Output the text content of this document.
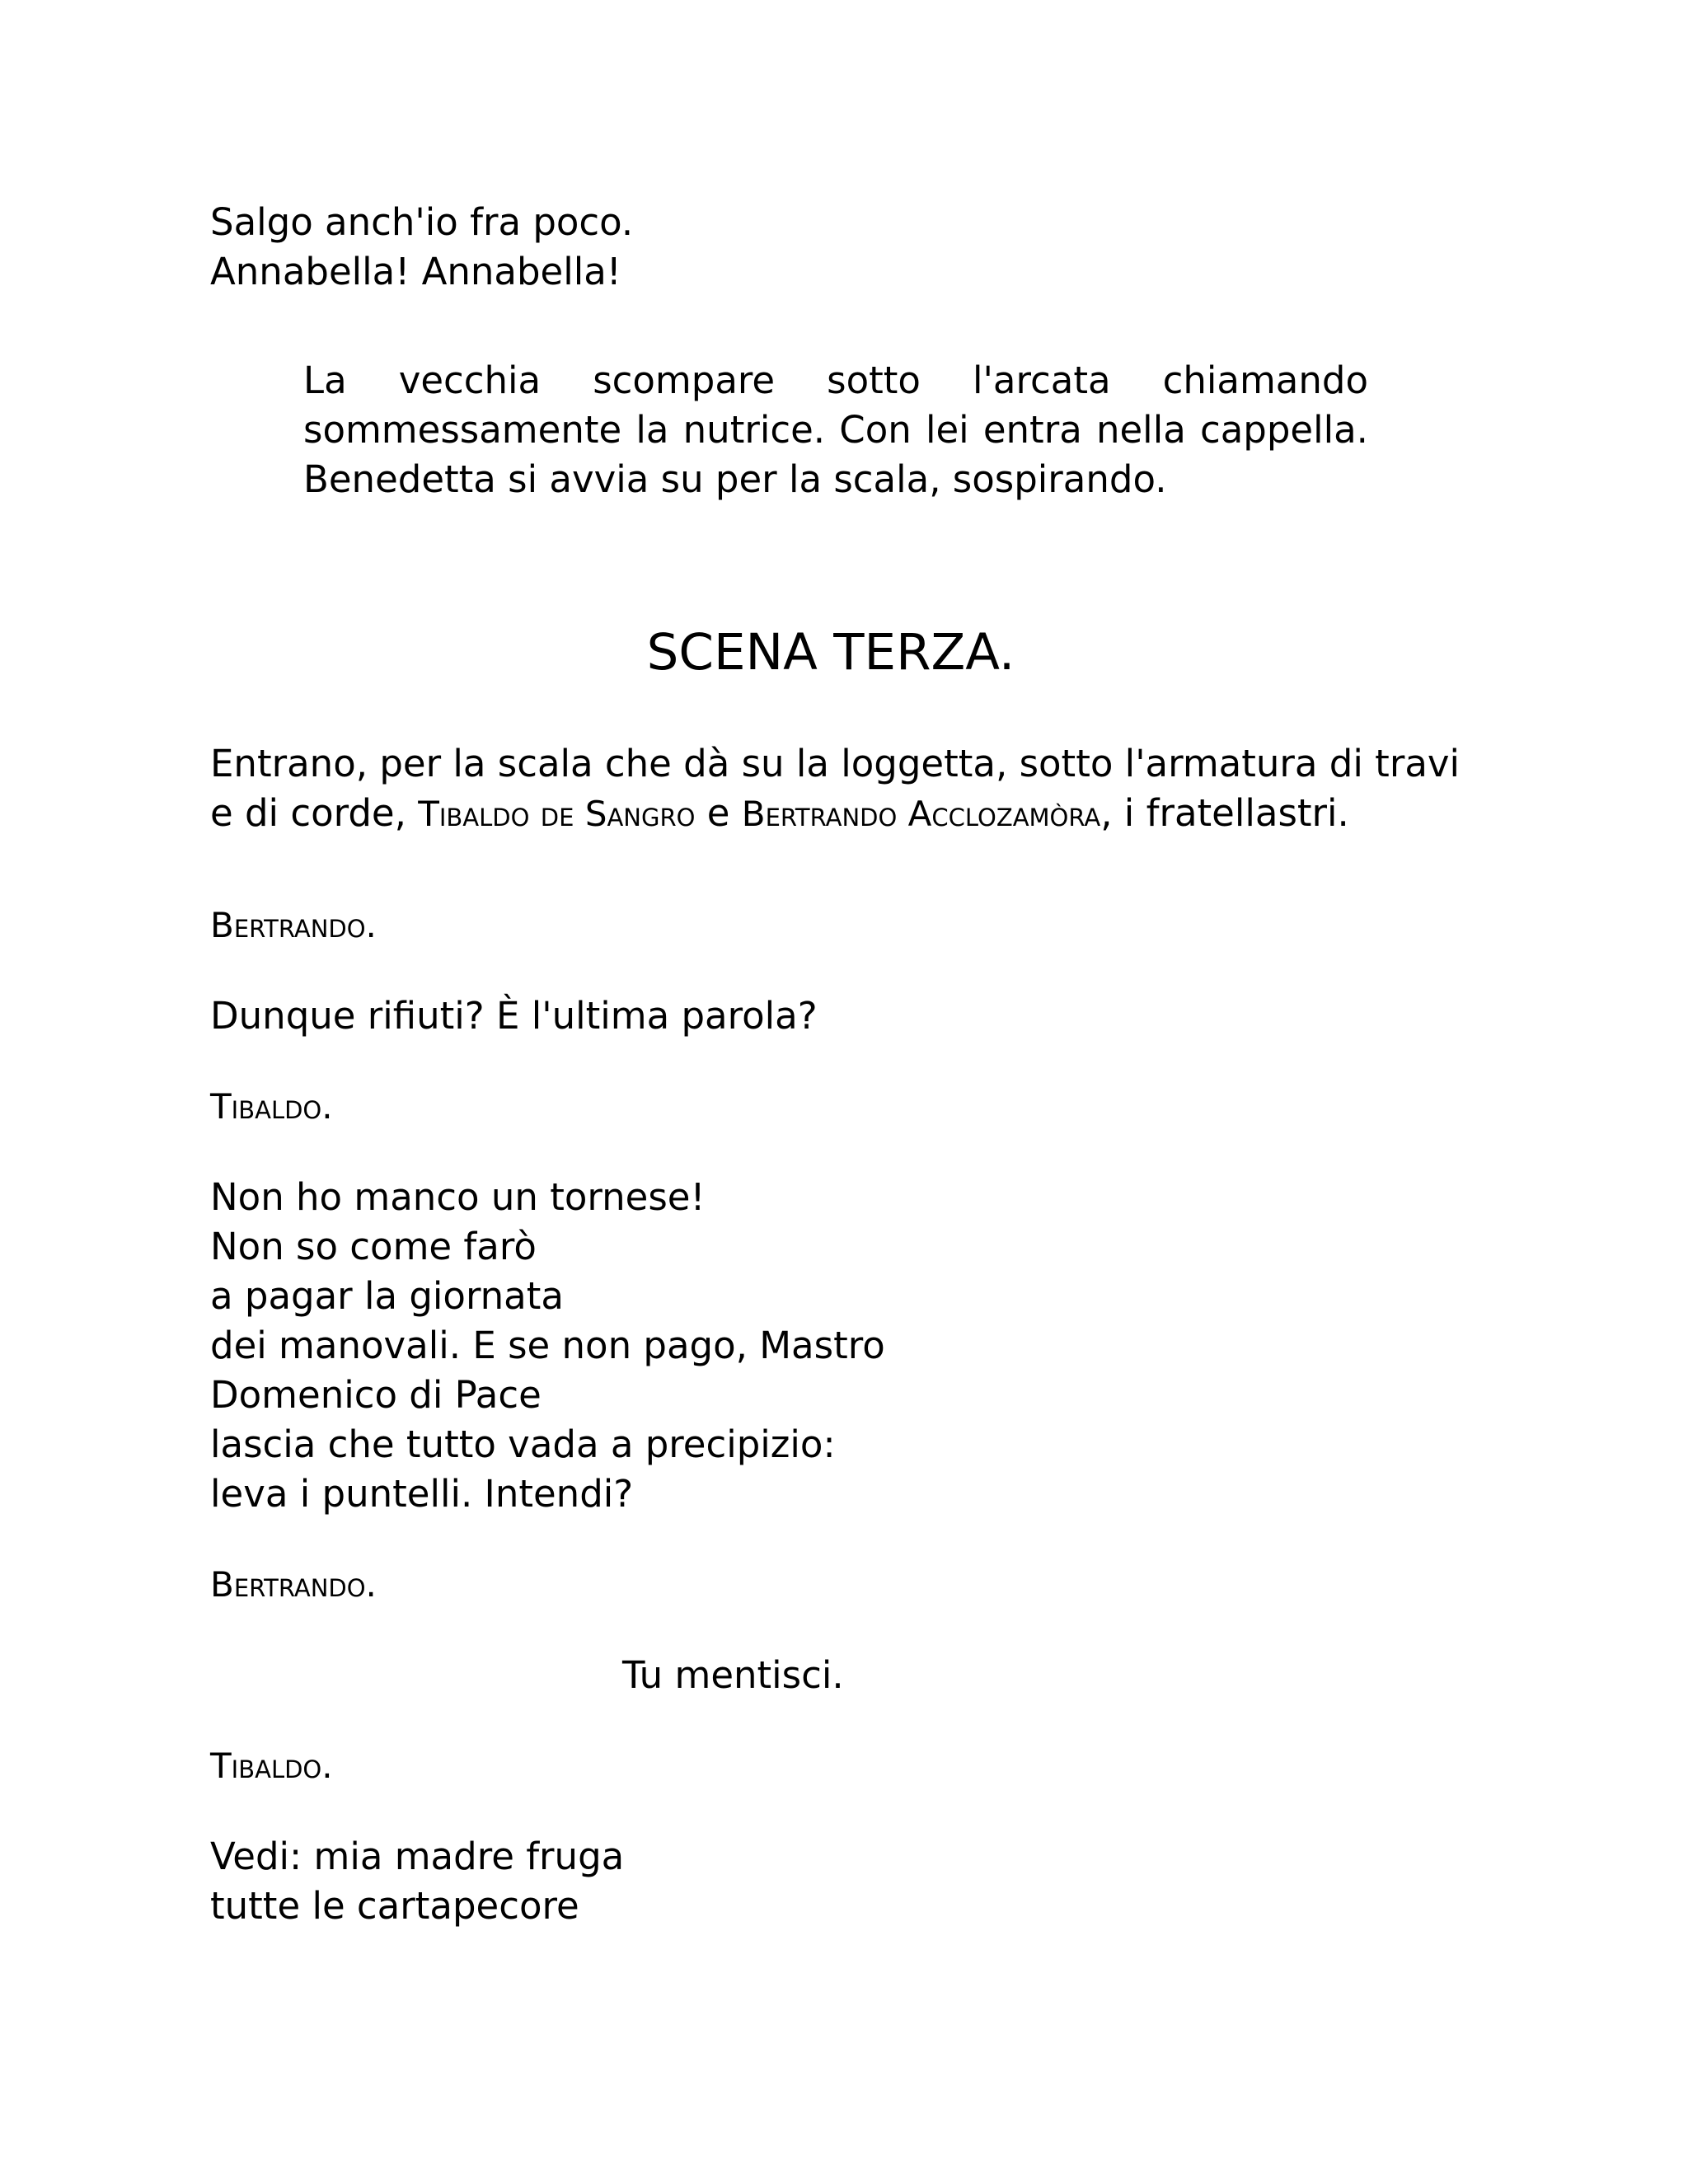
Salgo anch'io fra poco.
Annabella! Annabella!
La vecchia scompare sotto l'arcata chiamando
sommessamente la nutrice. Con lei entra nella cappella.
Benedetta si avvia su per la scala, sospirando.
SCENA TERZA.

Entrano, per la scala che dà su la loggetta, sotto l'armatura di travi e di corde, Tibaldo de Sangro e Bertrando Acclozamòra, i fratellastri.

Bertrando.

Dunque rifiuti? È l'ultima parola?

Tibaldo.

Non ho manco un tornese!
Non so come farò
a pagar la giornata
dei manovali. E se non pago, Mastro
Domenico di Pace
lascia che tutto vada a precipizio:
leva i puntelli. Intendi?

Bertrando.

Tu mentisci.

Tibaldo.

Vedi: mia madre fruga
tutte le cartapecore
